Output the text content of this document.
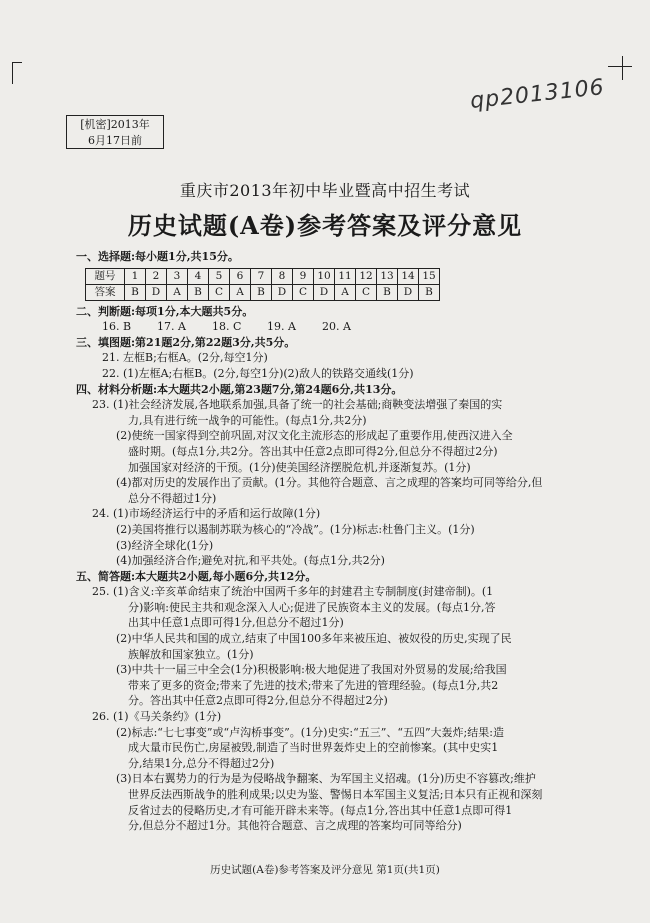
qp2013106
[机密]2013年
6月17日前
重庆市2013年初中毕业暨高中招生考试
历史试题(A卷)参考答案及评分意见
一、选择题:每小题1分,共15分。
题号	1	2	3	4	5	6	7	8	9	10	11	12	13	14	15
答案	B	D	A	B	C	A	B	D	C	D	A	C	B	D	B
二、判断题:每项1分,本大题共5分。
16. B 17. A 18. C 19. A 20. A
三、填图题:第21题2分,第22题3分,共5分。
21. 左框B;右框A。(2分,每空1分)
22. (1)左框A;右框B。(2分,每空1分)(2)敌人的铁路交通线(1分)
四、材料分析题:本大题共2小题,第23题7分,第24题6分,共13分。
23. (1)社会经济发展,各地联系加强,具备了统一的社会基础;商鞅变法增强了秦国的实
力,具有进行统一战争的可能性。(每点1分,共2分)
(2)使统一国家得到空前巩固,对汉文化主流形态的形成起了重要作用,使西汉进入全
盛时期。(每点1分,共2分。答出其中任意2点即可得2分,但总分不得超过2分)
加强国家对经济的干预。(1分)使美国经济摆脱危机,并逐渐复苏。(1分)
(4)都对历史的发展作出了贡献。(1分。其他符合题意、言之成理的答案均可同等给分,但
总分不得超过1分)
24. (1)市场经济运行中的矛盾和运行故障(1分)
(2)美国将推行以遏制苏联为核心的“冷战”。(1分)标志:杜鲁门主义。(1分)
(3)经济全球化(1分)
(4)加强经济合作;避免对抗,和平共处。(每点1分,共2分)
五、简答题:本大题共2小题,每小题6分,共12分。
25. (1)含义:辛亥革命结束了统治中国两千多年的封建君主专制制度(封建帝制)。(1
分)影响:使民主共和观念深入人心;促进了民族资本主义的发展。(每点1分,答
出其中任意1点即可得1分,但总分不超过1分)
(2)中华人民共和国的成立,结束了中国100多年来被压迫、被奴役的历史,实现了民
族解放和国家独立。(1分)
(3)中共十一届三中全会(1分)积极影响:极大地促进了我国对外贸易的发展;给我国
带来了更多的资金;带来了先进的技术;带来了先进的管理经验。(每点1分,共2
分。答出其中任意2点即可得2分,但总分不得超过2分)
26. (1)《马关条约》(1分)
(2)标志:“七七事变”或“卢沟桥事变”。(1分)史实:“五三”、“五四”大轰炸;结果:造
成大量市民伤亡,房屋被毁,制造了当时世界轰炸史上的空前惨案。(其中史实1
分,结果1分,总分不得超过2分)
(3)日本右翼势力的行为是为侵略战争翻案、为军国主义招魂。(1分)历史不容篡改;维护
世界反法西斯战争的胜利成果;以史为鉴、警惕日本军国主义复活;日本只有正视和深刻
反省过去的侵略历史,才有可能开辟未来等。(每点1分,答出其中任意1点即可得1
分,但总分不超过1分。其他符合题意、言之成理的答案均可同等给分)
历史试题(A卷)参考答案及评分意见 第1页(共1页)
